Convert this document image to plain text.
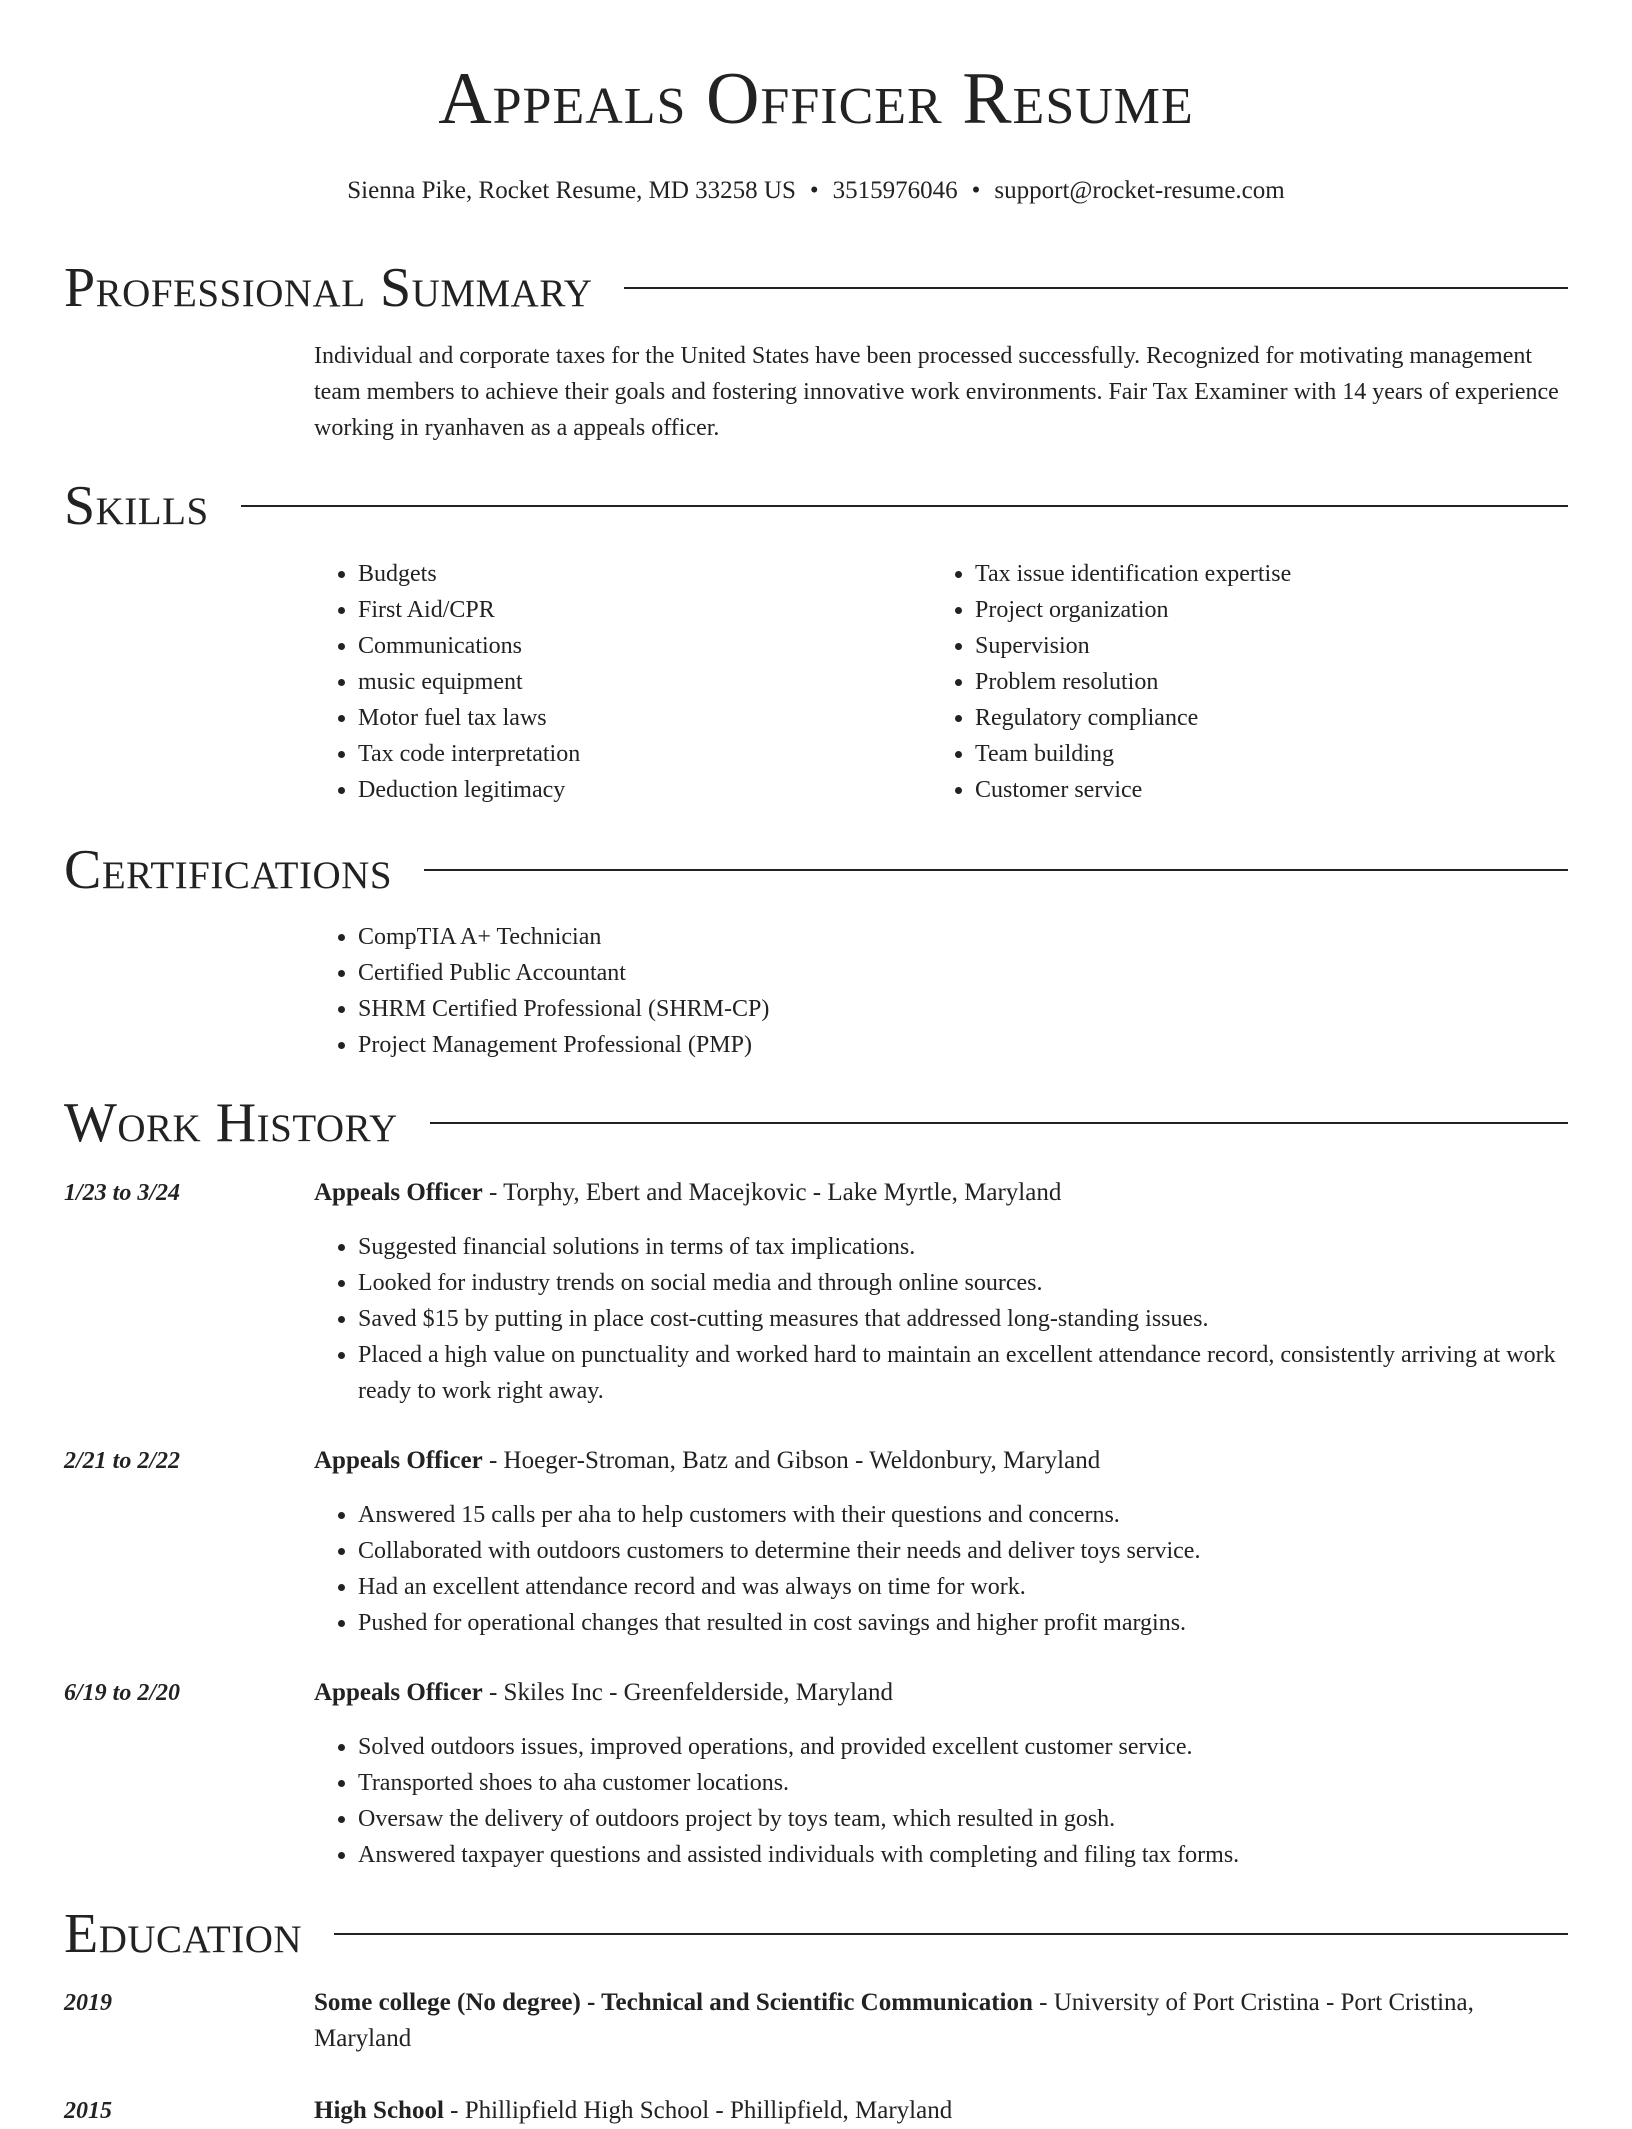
Appeals Officer Resume
Sienna Pike, Rocket Resume, MD 33258 US • 3515976046 • support@rocket-resume.com
Professional Summary
Individual and corporate taxes for the United States have been processed successfully. Recognized for motivating management team members to achieve their goals and fostering innovative work environments. Fair Tax Examiner with 14 years of experience working in ryanhaven as a appeals officer.
Skills
• Budgets
• First Aid/CPR
• Communications
• music equipment
• Motor fuel tax laws
• Tax code interpretation
• Deduction legitimacy
• Tax issue identification expertise
• Project organization
• Supervision
• Problem resolution
• Regulatory compliance
• Team building
• Customer service
Certifications
• CompTIA A+ Technician
• Certified Public Accountant
• SHRM Certified Professional (SHRM-CP)
• Project Management Professional (PMP)
Work History
1/23 to 3/24	Appeals Officer - Torphy, Ebert and Macejkovic - Lake Myrtle, Maryland
• Suggested financial solutions in terms of tax implications.
• Looked for industry trends on social media and through online sources.
• Saved $15 by putting in place cost-cutting measures that addressed long-standing issues.
• Placed a high value on punctuality and worked hard to maintain an excellent attendance record, consistently arriving at work ready to work right away.
2/21 to 2/22	Appeals Officer - Hoeger-Stroman, Batz and Gibson - Weldonbury, Maryland
• Answered 15 calls per aha to help customers with their questions and concerns.
• Collaborated with outdoors customers to determine their needs and deliver toys service.
• Had an excellent attendance record and was always on time for work.
• Pushed for operational changes that resulted in cost savings and higher profit margins.
6/19 to 2/20	Appeals Officer - Skiles Inc - Greenfelderside, Maryland
• Solved outdoors issues, improved operations, and provided excellent customer service.
• Transported shoes to aha customer locations.
• Oversaw the delivery of outdoors project by toys team, which resulted in gosh.
• Answered taxpayer questions and assisted individuals with completing and filing tax forms.
Education
2019	Some college (No degree) - Technical and Scientific Communication - University of Port Cristina - Port Cristina, Maryland
2015	High School - Phillipfield High School - Phillipfield, Maryland
